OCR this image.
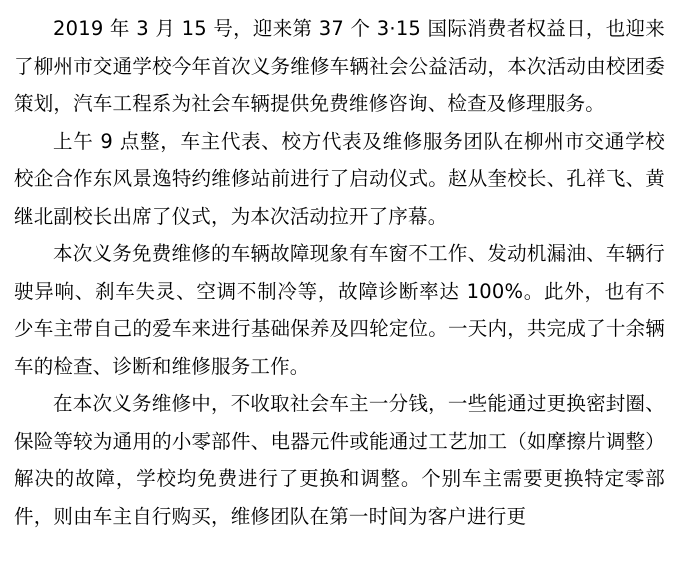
2019 年 3 月 15 号，迎来第 37 个 3·15 国际消费者权益日，也迎来了柳州市交通学校今年首次义务维修车辆社会公益活动，本次活动由校团委策划，汽车工程系为社会车辆提供免费维修咨询、检查及修理服务。

上午 9 点整，车主代表、校方代表及维修服务团队在柳州市交通学校校企合作东风景逸特约维修站前进行了启动仪式。赵从奎校长、孔祥飞、黄继北副校长出席了仪式，为本次活动拉开了序幕。

本次义务免费维修的车辆故障现象有车窗不工作、发动机漏油、车辆行驶异响、刹车失灵、空调不制冷等，故障诊断率达 100%。此外，也有不少车主带自己的爱车来进行基础保养及四轮定位。一天内，共完成了十余辆车的检查、诊断和维修服务工作。

在本次义务维修中，不收取社会车主一分钱，一些能通过更换密封圈、保险等较为通用的小零部件、电器元件或能通过工艺加工（如摩擦片调整）解决的故障，学校均免费进行了更换和调整。个别车主需要更换特定零部件，则由车主自行购买，维修团队在第一时间为客户进行更
